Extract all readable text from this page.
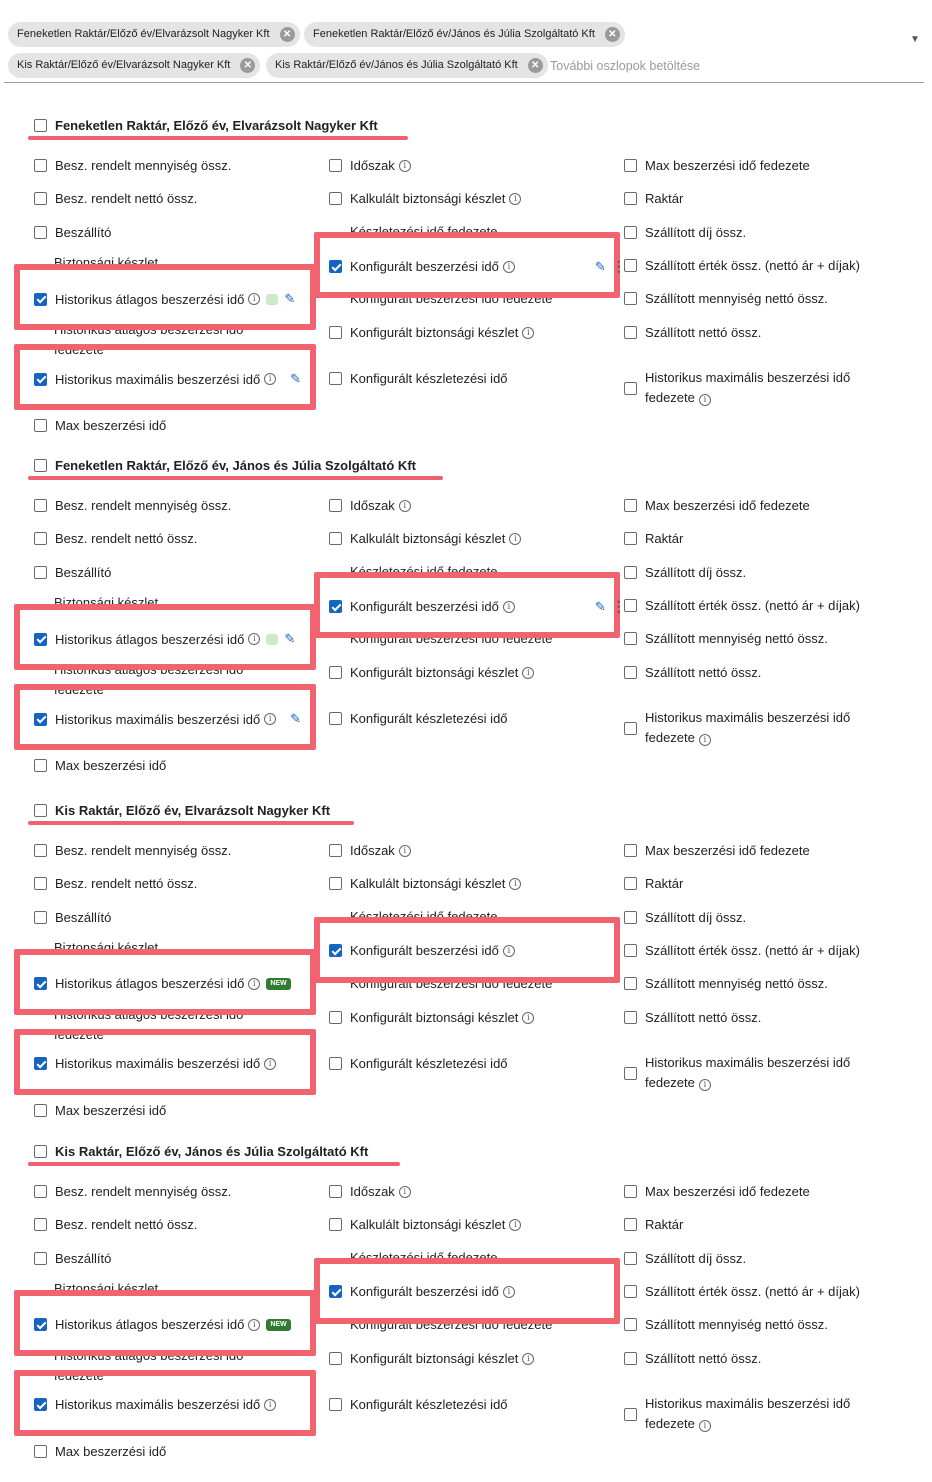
Feneketlen Raktár/Előző év/Elvarázsolt Nagyker Kft	✕	Feneketlen Raktár/Előző év/János és Júlia Szolgáltató Kft	✕
Kis Raktár/Előző év/Elvarázsolt Nagyker Kft	✕	Kis Raktár/Előző év/János és Júlia Szolgáltató Kft	✕ További oszlopok betöltése
▼
Feneketlen Raktár, Előző év, Elvarázsolt Nagyker Kft
Besz. rendelt mennyiség össz.
Besz. rendelt nettó össz.
Beszállító
Biztonsági készlet
Historikus átlagos beszerzési idő
fedezete
Max beszerzési idő
Időszak	i
Kalkulált biztonsági készlet	i
Készletezési idő fedezete
Konfigurált beszerzési idő fedezete
Konfigurált biztonsági készlet	i
Konfigurált készletezési idő
Max beszerzési idő fedezete
Raktár
Szállított díj össz.
Szállított érték össz. (nettó ár + díjak)
Szállított mennyiség nettó össz.
Szállított nettó össz.
Historikus maximális beszerzési idő
fedezete i
Historikus átlagos beszerzési idő	i	✎
Historikus maximális beszerzési idő	i	✎
Konfigurált beszerzési idő	i	✎ ⋮
Feneketlen Raktár, Előző év, János és Júlia Szolgáltató Kft
Besz. rendelt mennyiség össz.
Besz. rendelt nettó össz.
Beszállító
Biztonsági készlet
Historikus átlagos beszerzési idő
fedezete
Max beszerzési idő
Időszak	i
Kalkulált biztonsági készlet	i
Készletezési idő fedezete
Konfigurált beszerzési idő fedezete
Konfigurált biztonsági készlet	i
Konfigurált készletezési idő
Max beszerzési idő fedezete
Raktár
Szállított díj össz.
Szállított érték össz. (nettó ár + díjak)
Szállított mennyiség nettó össz.
Szállított nettó össz.
Historikus maximális beszerzési idő
fedezete i
Historikus átlagos beszerzési idő	i	✎
Historikus maximális beszerzési idő	i	✎
Konfigurált beszerzési idő	i	✎ ⋮
Kis Raktár, Előző év, Elvarázsolt Nagyker Kft
Besz. rendelt mennyiség össz.
Besz. rendelt nettó össz.
Beszállító
Biztonsági készlet
Historikus átlagos beszerzési idő
fedezete
Max beszerzési idő
Időszak	i
Kalkulált biztonsági készlet	i
Készletezési idő fedezete
Konfigurált beszerzési idő fedezete
Konfigurált biztonsági készlet	i
Konfigurált készletezési idő
Max beszerzési idő fedezete
Raktár
Szállított díj össz.
Szállított érték össz. (nettó ár + díjak)
Szállított mennyiség nettó össz.
Szállított nettó össz.
Historikus maximális beszerzési idő
fedezete i
Historikus átlagos beszerzési idő	i	NEW
Historikus maximális beszerzési idő	i
Konfigurált beszerzési idő	i
Kis Raktár, Előző év, János és Júlia Szolgáltató Kft
Besz. rendelt mennyiség össz.
Besz. rendelt nettó össz.
Beszállító
Biztonsági készlet
Historikus átlagos beszerzési idő
fedezete
Max beszerzési idő
Időszak	i
Kalkulált biztonsági készlet	i
Készletezési idő fedezete
Konfigurált beszerzési idő fedezete
Konfigurált biztonsági készlet	i
Konfigurált készletezési idő
Max beszerzési idő fedezete
Raktár
Szállított díj össz.
Szállított érték össz. (nettó ár + díjak)
Szállított mennyiség nettó össz.
Szállított nettó össz.
Historikus maximális beszerzési idő
fedezete i
Historikus átlagos beszerzési idő	i	NEW
Historikus maximális beszerzési idő	i
Konfigurált beszerzési idő	i
